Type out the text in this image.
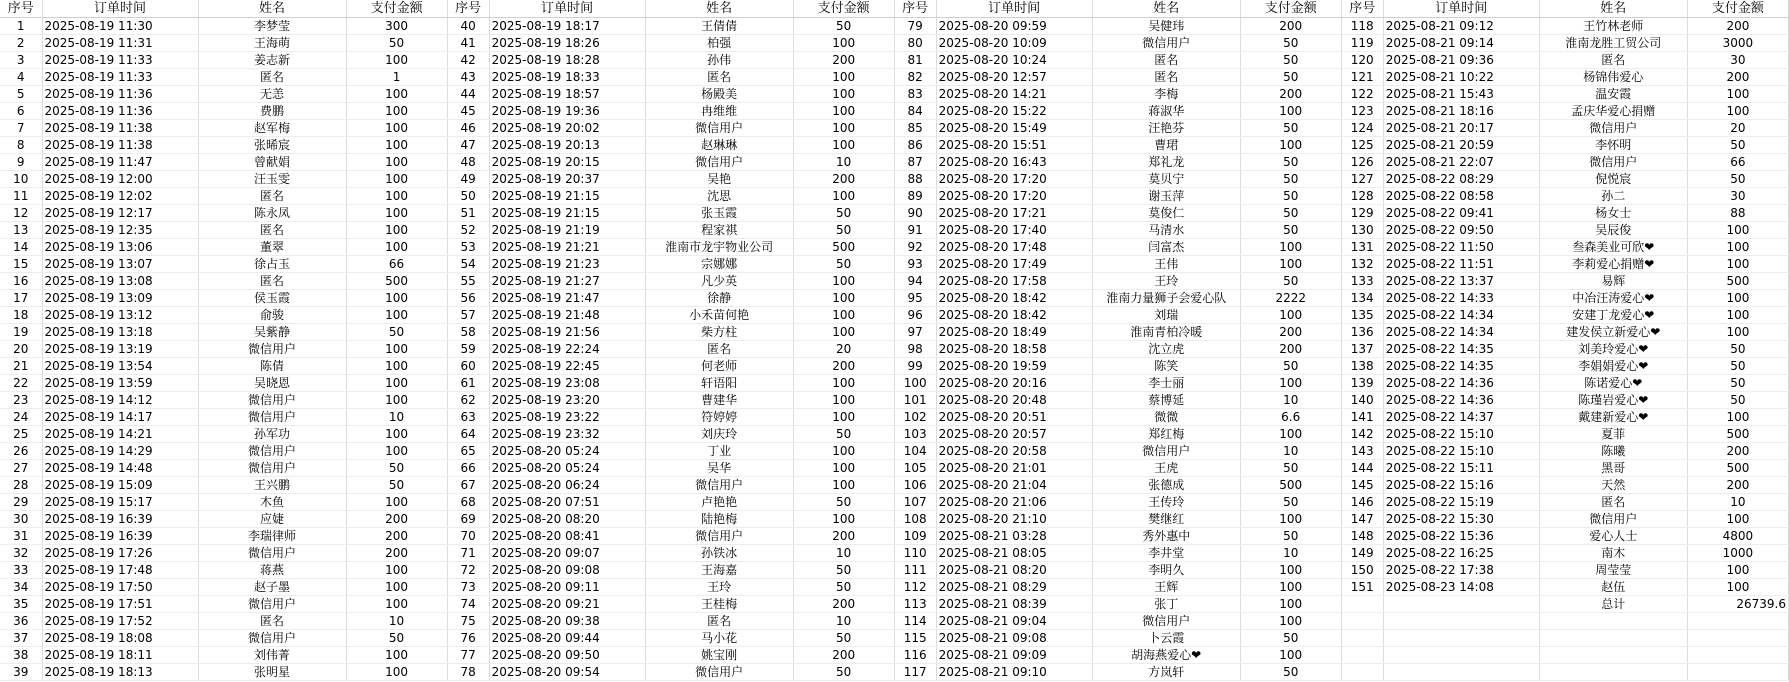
序号	订单时间	姓名	支付金额	序号	订单时间	姓名	支付金额	序号	订单时间	姓名	支付金额	序号	订单时间	姓名	支付金额
1	2025-08-19 11:30	李梦莹	300	40	2025-08-19 18:17	王倩倩	50	79	2025-08-20 09:59	吴健玮	200	118	2025-08-21 09:12	王竹林老师	200
2	2025-08-19 11:31	王海萌	50	41	2025-08-19 18:26	柏强	100	80	2025-08-20 10:09	微信用户	50	119	2025-08-21 09:14	淮南龙胜工贸公司	3000
3	2025-08-19 11:33	姜志新	100	42	2025-08-19 18:28	孙伟	200	81	2025-08-20 10:24	匿名	50	120	2025-08-21 09:36	匿名	30
4	2025-08-19 11:33	匿名	1	43	2025-08-19 18:33	匿名	100	82	2025-08-20 12:57	匿名	50	121	2025-08-21 10:22	杨锦伟爱心	200
5	2025-08-19 11:36	无恙	100	44	2025-08-19 18:57	杨殿美	100	83	2025-08-20 14:21	李梅	200	122	2025-08-21 15:43	温安霞	100
6	2025-08-19 11:36	费鹏	100	45	2025-08-19 19:36	冉维维	100	84	2025-08-20 15:22	蒋淑华	100	123	2025-08-21 18:16	孟庆华爱心捐赠	100
7	2025-08-19 11:38	赵军梅	100	46	2025-08-19 20:02	微信用户	100	85	2025-08-20 15:49	汪艳芬	50	124	2025-08-21 20:17	微信用户	20
8	2025-08-19 11:38	张晞宸	100	47	2025-08-19 20:13	赵琳琳	100	86	2025-08-20 15:51	曹珺	100	125	2025-08-21 20:59	李怀明	50
9	2025-08-19 11:47	曾献娟	100	48	2025-08-19 20:15	微信用户	10	87	2025-08-20 16:43	郑礼龙	50	126	2025-08-21 22:07	微信用户	66
10	2025-08-19 12:00	汪玉雯	100	49	2025-08-19 20:37	吴艳	200	88	2025-08-20 17:20	莫贝宁	50	127	2025-08-22 08:29	倪悦宸	50
11	2025-08-19 12:02	匿名	100	50	2025-08-19 21:15	沈思	100	89	2025-08-20 17:20	谢玉萍	50	128	2025-08-22 08:58	孙二	30
12	2025-08-19 12:17	陈永凤	100	51	2025-08-19 21:15	张玉霞	50	90	2025-08-20 17:21	莫俊仁	50	129	2025-08-22 09:41	杨女士	88
13	2025-08-19 12:35	匿名	100	52	2025-08-19 21:19	程家祺	50	91	2025-08-20 17:40	马清水	50	130	2025-08-22 09:50	吴辰俊	100
14	2025-08-19 13:06	董翠	100	53	2025-08-19 21:21	淮南市龙宇物业公司	500	92	2025-08-20 17:48	闫富杰	100	131	2025-08-22 11:50	叁森美业可欣❤	100
15	2025-08-19 13:07	徐占玉	66	54	2025-08-19 21:23	宗娜娜	50	93	2025-08-20 17:49	王伟	100	132	2025-08-22 11:51	李莉爱心捐赠❤	100
16	2025-08-19 13:08	匿名	500	55	2025-08-19 21:27	凡少英	100	94	2025-08-20 17:58	王玲	50	133	2025-08-22 13:37	易辉	500
17	2025-08-19 13:09	侯玉霞	100	56	2025-08-19 21:47	徐静	100	95	2025-08-20 18:42	淮南力量狮子会爱心队	2222	134	2025-08-22 14:33	中冶汪涛爱心❤	100
18	2025-08-19 13:12	俞骏	100	57	2025-08-19 21:48	小禾苗何艳	100	96	2025-08-20 18:42	刘瑞	100	135	2025-08-22 14:34	安建丁龙爱心❤	100
19	2025-08-19 13:18	吴紫静	50	58	2025-08-19 21:56	柴方柱	100	97	2025-08-20 18:49	淮南青柏冷暖	200	136	2025-08-22 14:34	建发侯立新爱心❤	100
20	2025-08-19 13:19	微信用户	100	59	2025-08-19 22:24	匿名	20	98	2025-08-20 18:58	沈立虎	200	137	2025-08-22 14:35	刘美玲爱心❤	50
21	2025-08-19 13:54	陈倩	100	60	2025-08-19 22:45	何老师	200	99	2025-08-20 19:59	陈笑	50	138	2025-08-22 14:35	李娟娟爱心❤	50
22	2025-08-19 13:59	吴晓恩	100	61	2025-08-19 23:08	轩语阳	100	100	2025-08-20 20:16	李士丽	100	139	2025-08-22 14:36	陈诺爱心❤	50
23	2025-08-19 14:12	微信用户	100	62	2025-08-19 23:20	曹建华	100	101	2025-08-20 20:48	蔡博延	10	140	2025-08-22 14:36	陈瑾岩爱心❤	50
24	2025-08-19 14:17	微信用户	10	63	2025-08-19 23:22	符婷婷	100	102	2025-08-20 20:51	微微	6.6	141	2025-08-22 14:37	戴建新爱心❤	100
25	2025-08-19 14:21	孙军功	100	64	2025-08-19 23:32	刘庆玲	50	103	2025-08-20 20:57	郑红梅	100	142	2025-08-22 15:10	夏菲	500
26	2025-08-19 14:29	微信用户	100	65	2025-08-20 05:24	丁业	100	104	2025-08-20 20:58	微信用户	10	143	2025-08-22 15:10	陈曦	200
27	2025-08-19 14:48	微信用户	50	66	2025-08-20 05:24	吴华	100	105	2025-08-20 21:01	王虎	50	144	2025-08-22 15:11	黑哥	500
28	2025-08-19 15:09	王兴鹏	50	67	2025-08-20 06:24	微信用户	100	106	2025-08-20 21:04	张德成	500	145	2025-08-22 15:16	天然	200
29	2025-08-19 15:17	木鱼	100	68	2025-08-20 07:51	卢艳艳	50	107	2025-08-20 21:06	王传玲	50	146	2025-08-22 15:19	匿名	10
30	2025-08-19 16:39	应婕	200	69	2025-08-20 08:20	陆艳梅	100	108	2025-08-20 21:10	樊继红	100	147	2025-08-22 15:30	微信用户	100
31	2025-08-19 16:39	李瑞律师	200	70	2025-08-20 08:41	微信用户	200	109	2025-08-21 03:28	秀外惠中	50	148	2025-08-22 15:36	爱心人士	4800
32	2025-08-19 17:26	微信用户	200	71	2025-08-20 09:07	孙铁冰	10	110	2025-08-21 08:05	李井堂	10	149	2025-08-22 16:25	南木	1000
33	2025-08-19 17:48	蒋燕	100	72	2025-08-20 09:08	王海嘉	50	111	2025-08-21 08:20	李明久	100	150	2025-08-22 17:38	周莹莹	100
34	2025-08-19 17:50	赵子墨	100	73	2025-08-20 09:11	王玲	50	112	2025-08-21 08:29	王辉	100	151	2025-08-23 14:08	赵伍	100
35	2025-08-19 17:51	微信用户	100	74	2025-08-20 09:21	王桂梅	200	113	2025-08-21 08:39	张丁	100			总计	26739.6
36	2025-08-19 17:52	匿名	10	75	2025-08-20 09:38	匿名	10	114	2025-08-21 09:04	微信用户	100				
37	2025-08-19 18:08	微信用户	50	76	2025-08-20 09:44	马小花	50	115	2025-08-21 09:08	卜云霞	50				
38	2025-08-19 18:11	刘伟菁	100	77	2025-08-20 09:50	姚宝刚	200	116	2025-08-21 09:09	胡海燕爱心❤	100				
39	2025-08-19 18:13	张明星	100	78	2025-08-20 09:54	微信用户	50	117	2025-08-21 09:10	方岚轩	50				
